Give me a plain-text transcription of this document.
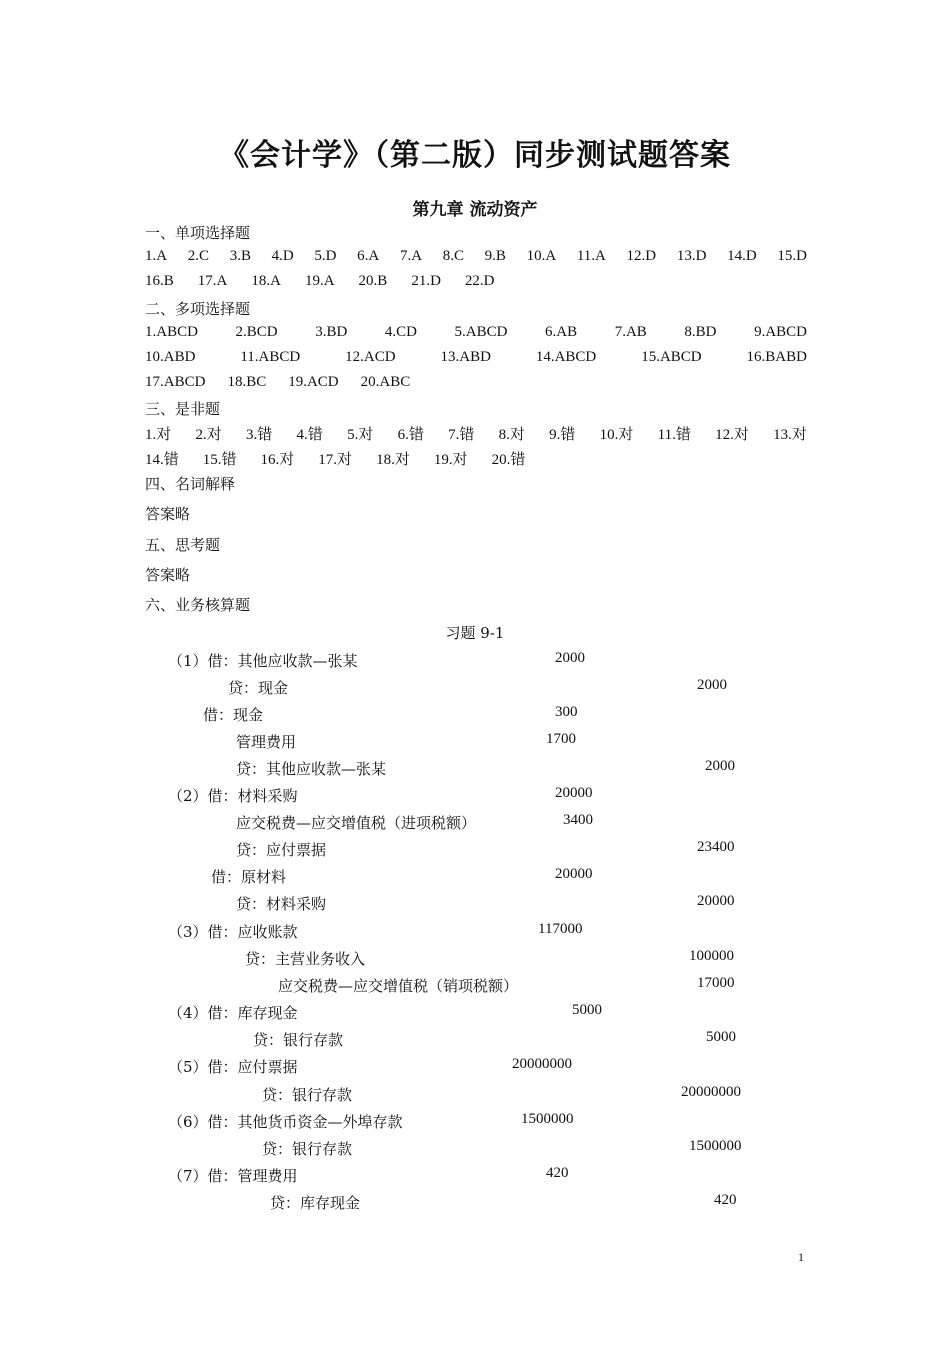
《会计学》（第二版）同步测试题答案
第九章 流动资产
一、单项选择题
1.A 2.C 3.B 4.D 5.D 6.A 7.A 8.C 9.B 10.A 11.A 12.D 13.D 14.D 15.D
16.B 17.A 18.A 19.A 20.B 21.D 22.D
二、多项选择题
1.ABCD	2.BCD	3.BD	4.CD	5.ABCD	6.AB	7.AB	8.BD	9.ABCD
10.ABD	11.ABCD	12.ACD	13.ABD	14.ABCD	15.ABCD	16.BABD
17.ABCD 18.BC 19.ACD 20.ABC
三、是非题
1.对 2.对 3.错 4.错 5.对 6.错 7.错 8.对 9.错 10.对 11.错 12.对 13.对
14.错 15.错 16.对 17.对 18.对 19.对 20.错
四、名词解释
答案略
五、思考题
答案略
六、业务核算题
习题 9-1
（1）借：其他应收款—张某	2000
贷：现金	2000
借：现金	300
管理费用	1700
贷：其他应收款—张某	2000
（2）借：材料采购	20000
应交税费—应交增值税（进项税额）	3400
贷：应付票据	23400
借：原材料	20000
贷：材料采购	20000
（3）借：应收账款	117000
贷：主营业务收入	100000
应交税费—应交增值税（销项税额）	17000
（4）借：库存现金	5000
贷：银行存款	5000
（5）借：应付票据	20000000
贷：银行存款	20000000
（6）借：其他货币资金—外埠存款	1500000
贷：银行存款	1500000
（7）借：管理费用	420
贷：库存现金	420
1
